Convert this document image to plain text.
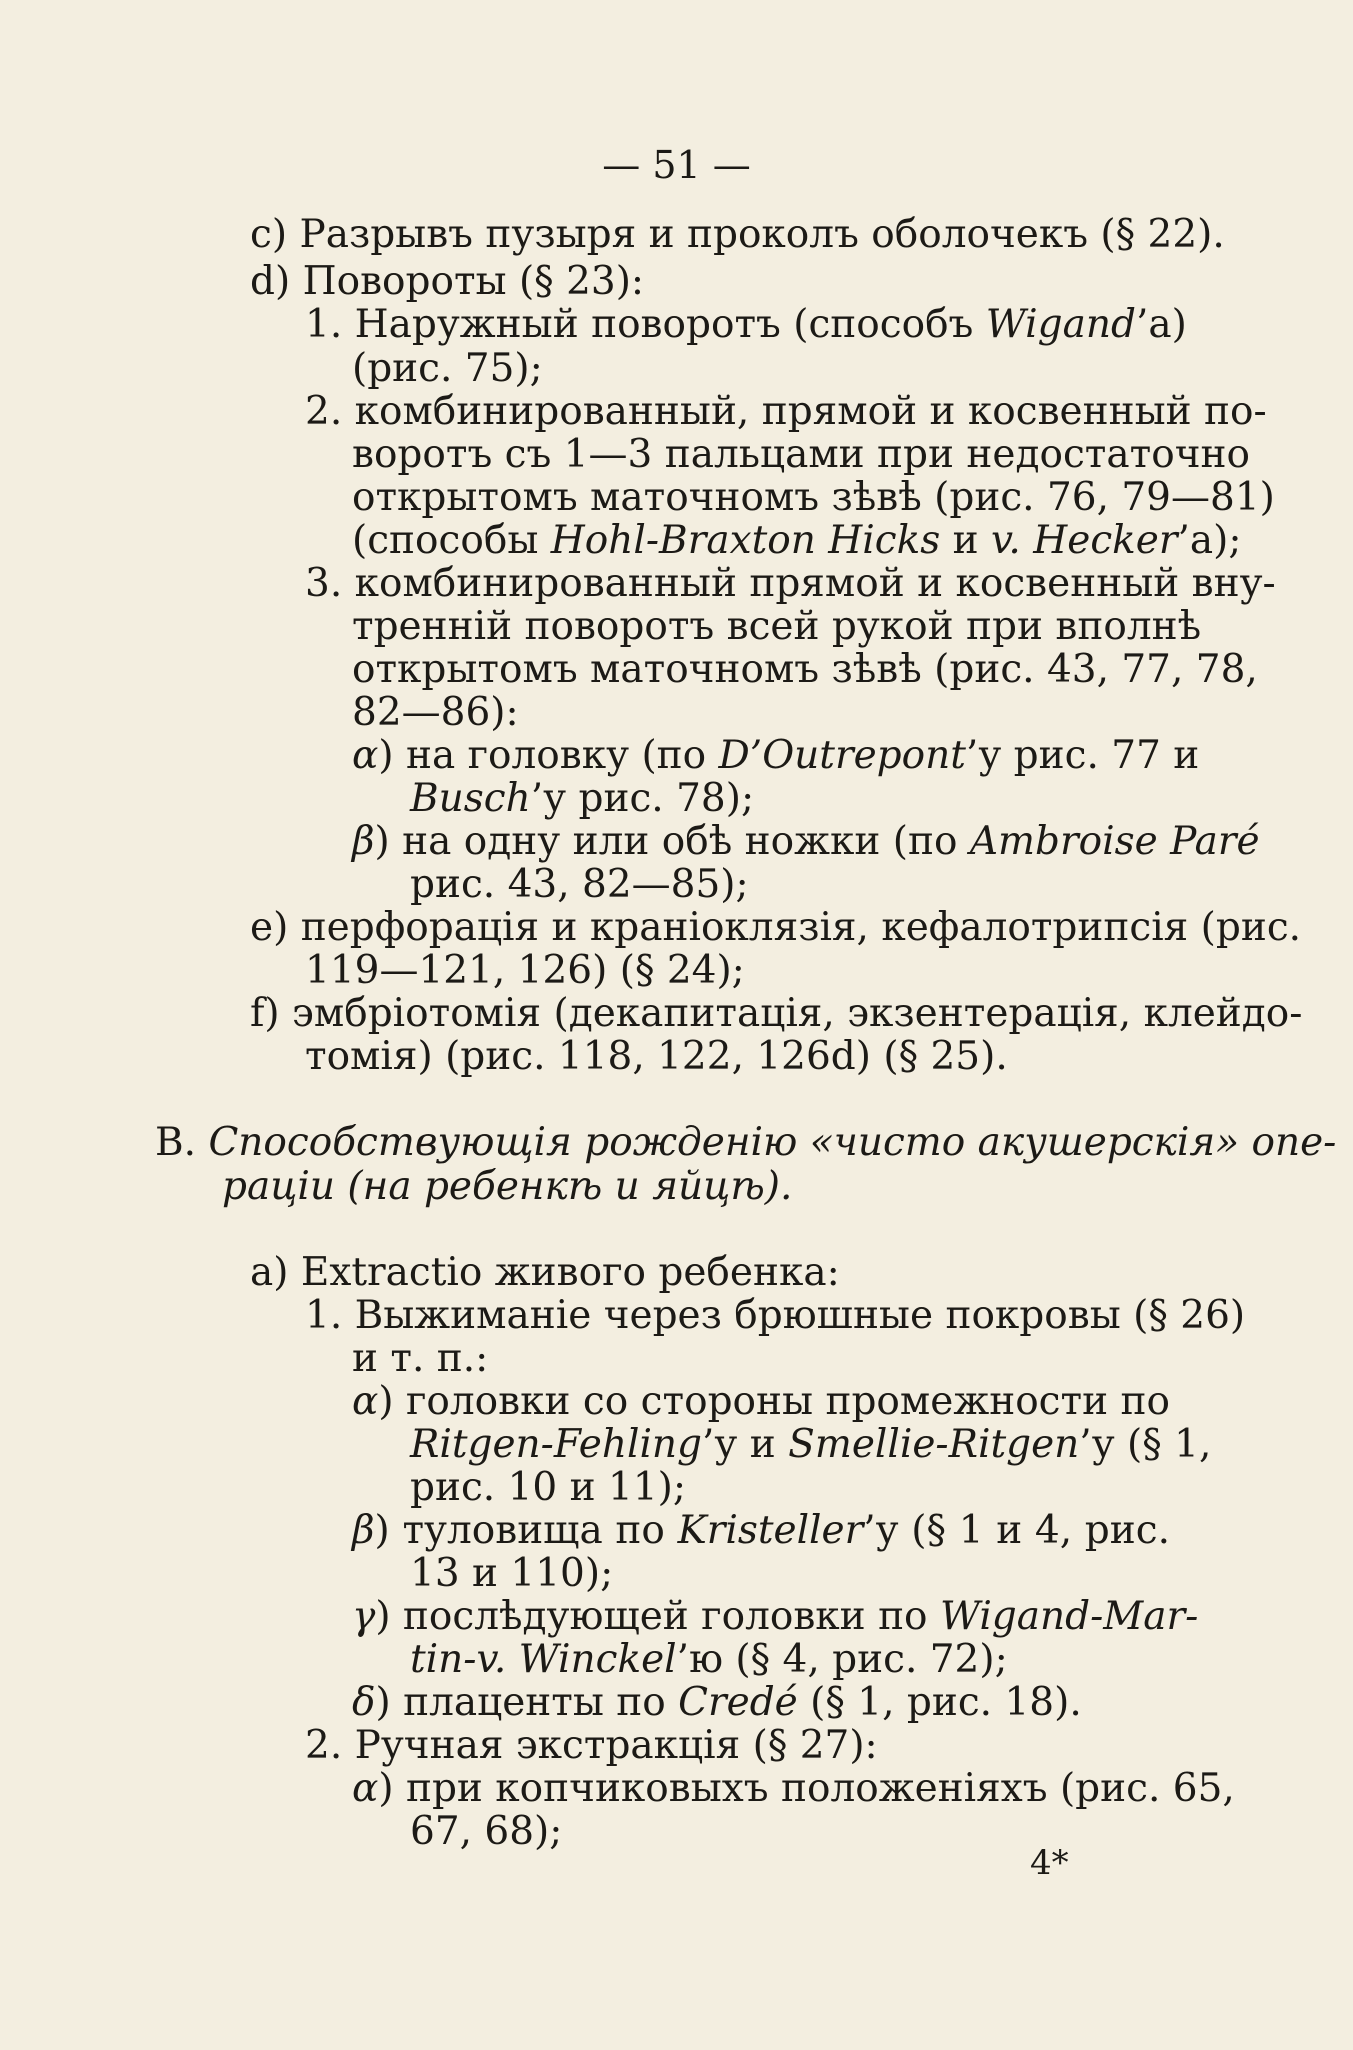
— 51 —
c) Разрывъ пузыря и проколъ оболочекъ (§ 22).
d) Повороты (§ 23):
1. Наружный поворотъ (способъ Wigand’а)
(рис. 75);
2. комбинированный, прямой и косвенный по-
воротъ съ 1—3 пальцами при недостаточно
открытомъ маточномъ зѣвѣ (рис. 76, 79—81)
(способы Hohl-Braxton Hicks и v. Hecker’а);
3. комбинированный прямой и косвенный вну-
тренній поворотъ всей рукой при вполнѣ
открытомъ маточномъ зѣвѣ (рис. 43, 77, 78,
82—86):
α) на головку (по D’Outrepont’у рис. 77 и
Busch’у рис. 78);
β) на одну или обѣ ножки (по Ambroise Paré
рис. 43, 82—85);
e) перфорація и краніоклязія, кефалотрипсія (рис.
119—121, 126) (§ 24);
f) эмбріотомія (декапитація, экзентерація, клейдо-
томія) (рис. 118, 122, 126d) (§ 25).
B. Способствующія рожденію «чисто акушерскія» опе-
раціи (на ребенкѣ и яйцѣ).
a) Extractio живого ребенка:
1. Выжиманіе через брюшные покровы (§ 26)
и т. п.:
α) головки со стороны промежности по
Ritgen-Fehling’у и Smellie-Ritgen’у (§ 1,
рис. 10 и 11);
β) туловища по Kristeller’у (§ 1 и 4, рис.
13 и 110);
γ) послѣдующей головки по Wigand-Mar-
tin-v. Winckel’ю (§ 4, рис. 72);
δ) плаценты по Credé (§ 1, рис. 18).
2. Ручная экстракція (§ 27):
α) при копчиковыхъ положеніяхъ (рис. 65,
67, 68);
4*
